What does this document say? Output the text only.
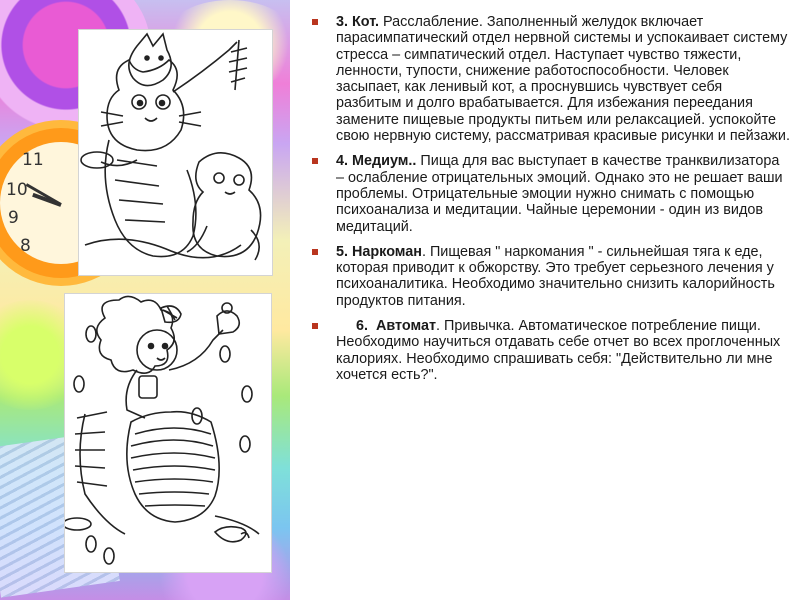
11
10
9
8
3. Кот. Расслабление. Заполненный желудок включает парасимпатический отдел нервной системы и успокаивает систему стресса – симпатический отдел. Наступает чувство тяжести, ленности, тупости, снижение работоспособности. Человек засыпает, как ленивый кот, а проснувшись чувствует себя разбитым и долго врабатывается. Для избежания переедания замените пищевые продукты питьем или релаксацией. успокойте свою нервную систему, рассматривая красивые рисунки и пейзажи.
4. Медиум.. Пища для вас выступает в качестве транквилизатора – ослабление отрицательных эмоций. Однако это не решает ваши проблемы. Отрицательные эмоции нужно снимать с помощью психоанализа и медитации. Чайные церемонии - один из видов медитаций.
5. Наркоман. Пищевая " наркомания " - сильнейшая тяга к еде, которая приводит к обжорству. Это требует серьезного лечения у психоаналитика. Необходимо значительно снизить калорийность продуктов питания.
6.  Автомат. Привычка. Автоматическое потребление пищи. Необходимо научиться отдавать себе отчет во всех проглоченных калориях. Необходимо спрашивать себя: "Действительно ли мне хочется есть?".
